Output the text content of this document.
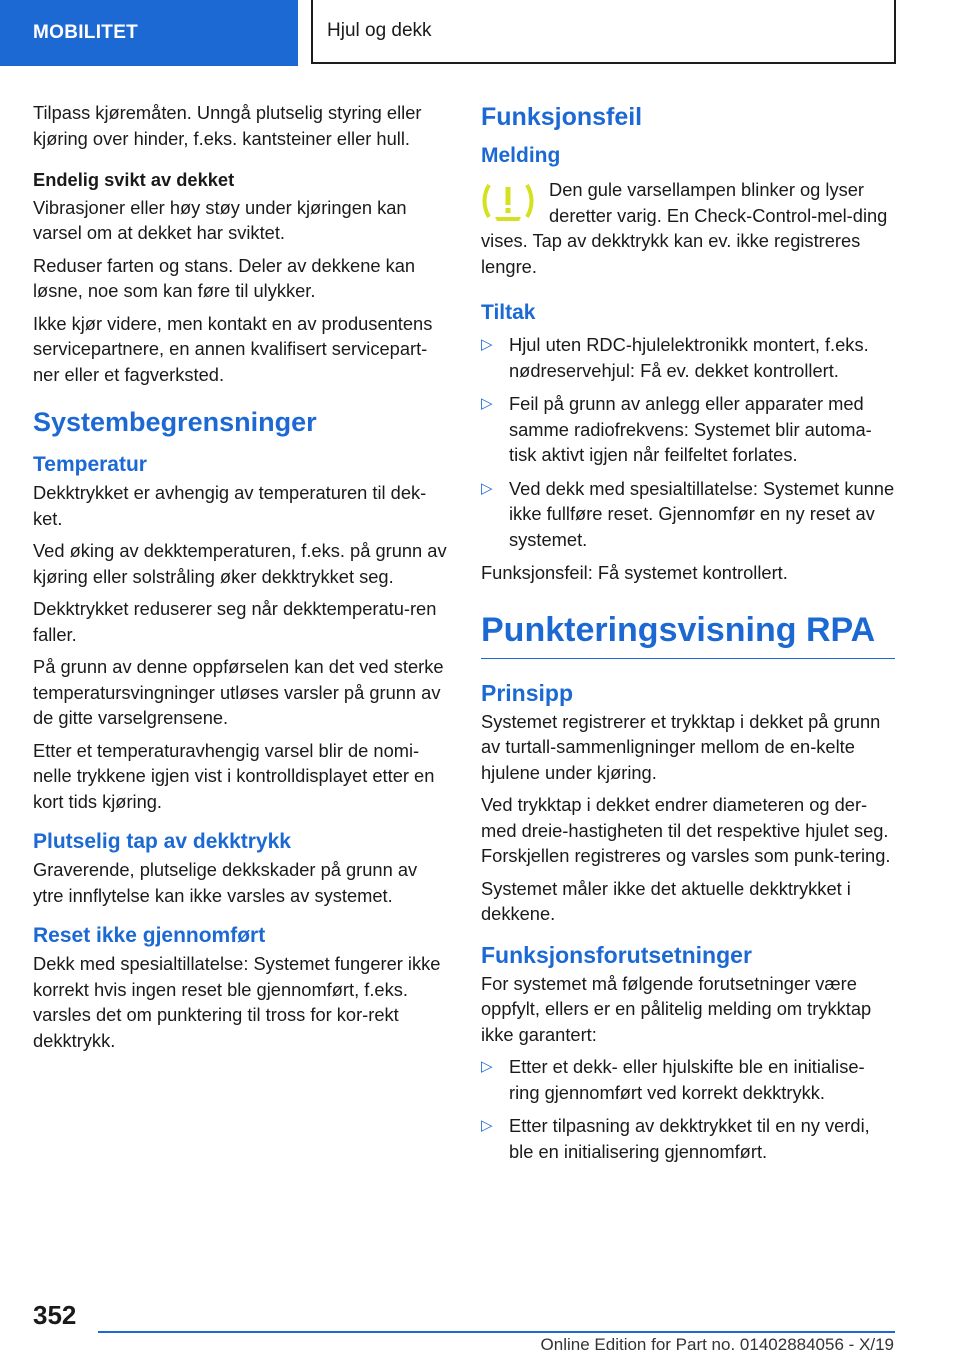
MOBILITET	Hjul og dekk

Tilpass kjøremåten. Unngå plutselig styring eller kjøring over hinder, f.eks. kantsteiner eller hull.

Endelig svikt av dekket

Vibrasjoner eller høy støy under kjøringen kan varsel om at dekket har sviktet.

Reduser farten og stans. Deler av dekkene kan løsne, noe som kan føre til ulykker.

Ikke kjør videre, men kontakt en av produsentens servicepartnere, en annen kvalifisert servicepart-ner eller et fagverksted.

Systembegrensninger
Temperatur

Dekktrykket er avhengig av temperaturen til dek-ket.

Ved øking av dekktemperaturen, f.eks. på grunn av kjøring eller solstråling øker dekktrykket seg.

Dekktrykket reduserer seg når dekktemperatu-ren faller.

På grunn av denne oppførselen kan det ved sterke temperatursvingninger utløses varsler på grunn av de gitte varselgrensene.

Etter et temperaturavhengig varsel blir de nomi-nelle trykkene igjen vist i kontrolldisplayet etter en kort tids kjøring.

Plutselig tap av dekktrykk

Graverende, plutselige dekkskader på grunn av ytre innflytelse kan ikke varsles av systemet.

Reset ikke gjennomført

Dekk med spesialtillatelse: Systemet fungerer ikke korrekt hvis ingen reset ble gjennomført, f.eks. varsles det om punktering til tross for kor-rekt dekktrykk.

Funksjonsfeil
Melding

Den gule varsellampen blinker og lyser deretter varig. En Check-Control-mel-ding vises. Tap av dekktrykk kan ev. ikke registreres lengre.

Tiltak
▷ Hjul uten RDC-hjulelektronikk montert, f.eks. nødreservehjul: Få ev. dekket kontrollert.
▷ Feil på grunn av anlegg eller apparater med samme radiofrekvens: Systemet blir automa-tisk aktivt igjen når feilfeltet forlates.
▷ Ved dekk med spesialtillatelse: Systemet kunne ikke fullføre reset. Gjennomfør en ny reset av systemet.

Funksjonsfeil: Få systemet kontrollert.

Punkteringsvisning RPA
Prinsipp

Systemet registrerer et trykktap i dekket på grunn av turtall-sammenligninger mellom de en-kelte hjulene under kjøring.

Ved trykktap i dekket endrer diameteren og der-med dreie-hastigheten til det respektive hjulet seg. Forskjellen registreres og varsles som punk-tering.

Systemet måler ikke det aktuelle dekktrykket i dekkene.

Funksjonsforutsetninger

For systemet må følgende forutsetninger være oppfylt, ellers er en pålitelig melding om trykktap ikke garantert:

▷ Etter et dekk- eller hjulskifte ble en initialise-ring gjennomført ved korrekt dekktrykk.
▷ Etter tilpasning av dekktrykket til en ny verdi, ble en initialisering gjennomført.
352
Online Edition for Part no. 01402884056 - X/19
